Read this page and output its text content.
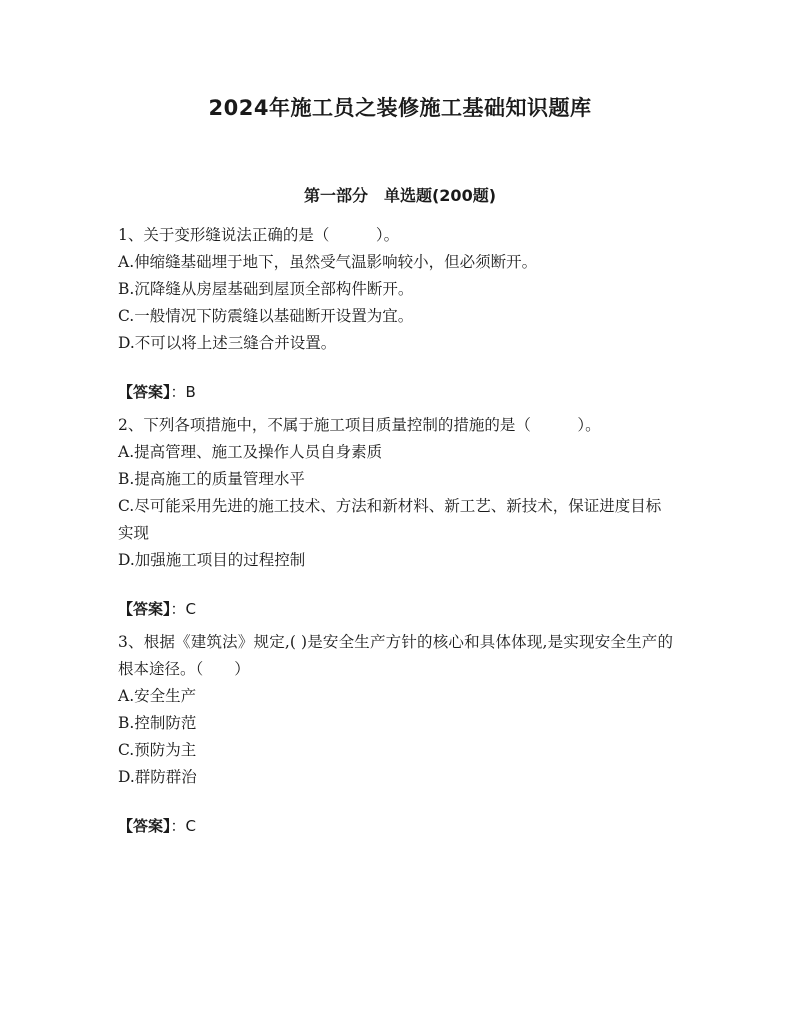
2024年施工员之装修施工基础知识题库
第一部分　单选题(200题)

1、关于变形缝说法正确的是（　　　）。

A.伸缩缝基础埋于地下，虽然受气温影响较小，但必须断开。

B.沉降缝从房屋基础到屋顶全部构件断开。

C.一般情况下防震缝以基础断开设置为宜。

D.不可以将上述三缝合并设置。

【答案】：B

2、下列各项措施中，不属于施工项目质量控制的措施的是（　　　）。

A.提高管理、施工及操作人员自身素质

B.提高施工的质量管理水平

C.尽可能采用先进的施工技术、方法和新材料、新工艺、新技术，保证进度目标实现

D.加强施工项目的过程控制

【答案】：C

3、根据《建筑法》规定,( )是安全生产方针的核心和具体体现,是实现安全生产的根本途径。（　　）

A.安全生产

B.控制防范

C.预防为主

D.群防群治

【答案】：C
